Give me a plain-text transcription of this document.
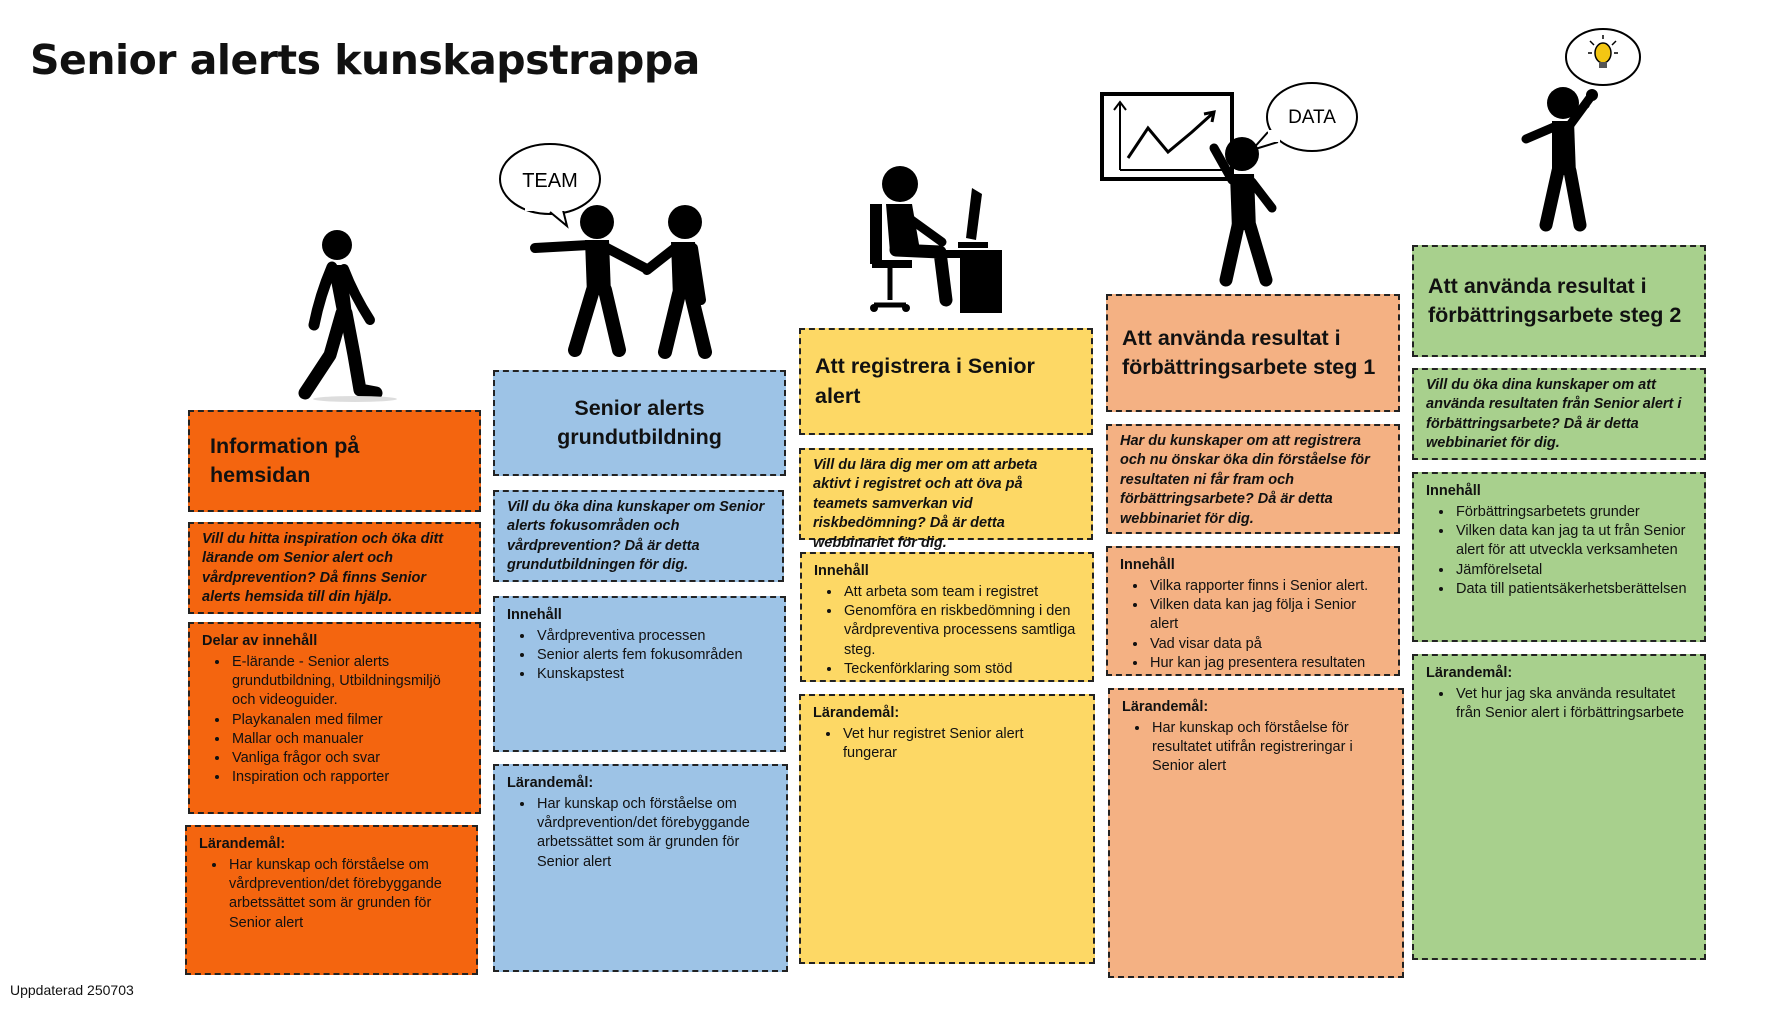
Senior alerts kunskapstrappa
TEAM
DATA
Information på hemsidan
Vill du hitta inspiration och öka ditt lärande om Senior alert och vårdprevention? Då finns Senior alerts hemsida till din hjälp.
Delar av innehåll
• E-lärande - Senior alerts grundutbildning, Utbildningsmiljö och videoguider.
• Playkanalen med filmer
• Mallar och manualer
• Vanliga frågor och svar
• Inspiration och rapporter
Lärandemål:
• Har kunskap och förståelse om vårdprevention/det förebyggande arbetssättet som är grunden för Senior alert
Senior alerts grundutbildning
Vill du öka dina kunskaper om Senior alerts fokusområden och vårdprevention? Då är detta grundutbildningen för dig.
Innehåll
• Vårdpreventiva processen
• Senior alerts fem fokusområden
• Kunskapstest
Lärandemål:
• Har kunskap och förståelse om vårdprevention/det förebyggande arbetssättet som är grunden för Senior alert
Att registrera i Senior alert
Vill du lära dig mer om att arbeta aktivt i registret och att öva på teamets samverkan vid riskbedömning? Då är detta webbinariet för dig.
Innehåll
• Att arbeta som team i registret
• Genomföra en riskbedömning i den vårdpreventiva processens samtliga steg.
• Teckenförklaring som stöd
Lärandemål:
• Vet hur registret Senior alert fungerar
Att använda resultat i förbättringsarbete steg 1
Har du kunskaper om att registrera och nu önskar öka din förståelse för resultaten ni får fram och förbättringsarbete? Då är detta webbinariet för dig.
Innehåll
• Vilka rapporter finns i Senior alert.
• Vilken data kan jag följa i Senior alert
• Vad visar data på
• Hur kan jag presentera resultaten
Lärandemål:
• Har kunskap och förståelse för resultatet utifrån registreringar i Senior alert
Att använda resultat i förbättringsarbete steg 2
Vill du öka dina kunskaper om att använda resultaten från Senior alert i förbättringsarbete? Då är detta webbinariet för dig.
Innehåll
• Förbättringsarbetets grunder
• Vilken data kan jag ta ut från Senior alert för att utveckla verksamheten
• Jämförelsetal
• Data till patientsäkerhetsberättelsen
Lärandemål:
• Vet hur jag ska använda resultatet från Senior alert i förbättringsarbete
Uppdaterad 250703
